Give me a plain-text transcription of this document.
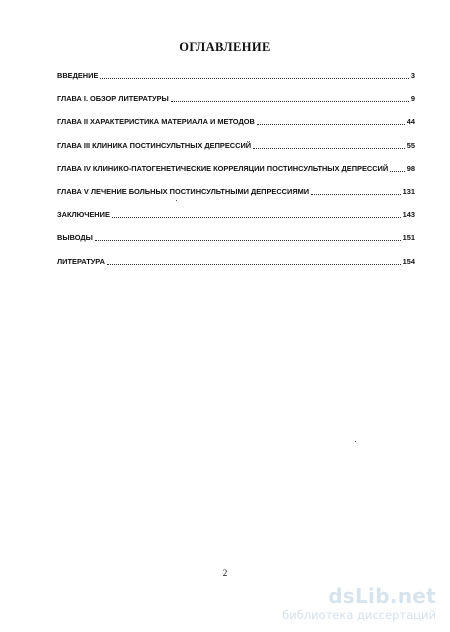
ОГЛАВЛЕНИЕ
ВВЕДЕНИЕ	3
ГЛАВА I. ОБЗОР ЛИТЕРАТУРЫ	9
ГЛАВА II ХАРАКТЕРИСТИКА МАТЕРИАЛА И МЕТОДОВ	44
ГЛАВА III КЛИНИКА ПОСТИНСУЛЬТНЫХ ДЕПРЕССИЙ	55
ГЛАВА IV КЛИНИКО-ПАТОГЕНЕТИЧЕСКИЕ КОРРЕЛЯЦИИ ПОСТИНСУЛЬТНЫХ ДЕПРЕССИЙ	98
ГЛАВА V ЛЕЧЕНИЕ БОЛЬНЫХ ПОСТИНСУЛЬТНЫМИ ДЕПРЕССИЯМИ	131
ЗАКЛЮЧЕНИЕ	143
ВЫВОДЫ	151
ЛИТЕРАТУРА	154
2
dsLib.net
библиотека диссертаций
